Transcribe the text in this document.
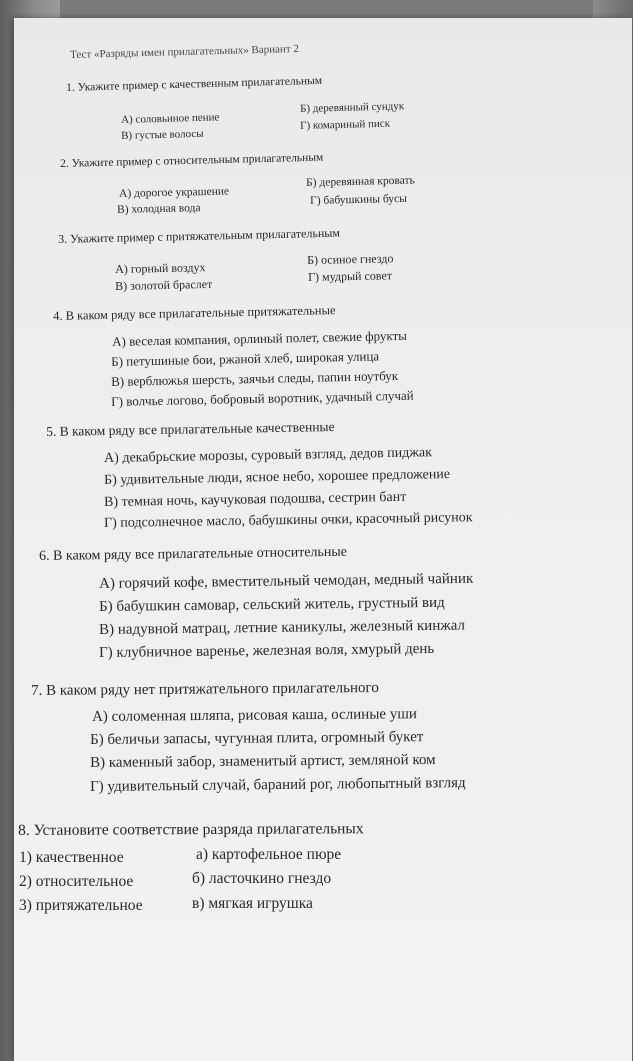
Тест «Разряды имен прилагательных» Вариант 2
1. Укажите пример с качественным прилагательным
А) соловьиное пение
Б) деревянный сундук
В) густые волосы
Г) комариный писк
2. Укажите пример с относительным прилагательным
А) дорогое украшение
Б) деревянная кровать
В) холодная вода
Г) бабушкины бусы
3. Укажите пример с притяжательным прилагательным
А) горный воздух
Б) осиное гнездо
В) золотой браслет
Г) мудрый совет
4. В каком ряду все прилагательные притяжательные
А) веселая компания, орлиный полет, свежие фрукты
Б) петушиные бои, ржаной хлеб, широкая улица
В) верблюжья шерсть, заячьи следы, папин ноутбук
Г) волчье логово, бобровый воротник, удачный случай
5. В каком ряду все прилагательные качественные
А) декабрьские морозы, суровый взгляд, дедов пиджак
Б) удивительные люди, ясное небо, хорошее предложение
В) темная ночь, каучуковая подошва, сестрин бант
Г) подсолнечное масло, бабушкины очки, красочный рисунок
6. В каком ряду все прилагательные относительные
А) горячий кофе, вместительный чемодан, медный чайник
Б) бабушкин самовар, сельский житель, грустный вид
В) надувной матрац, летние каникулы, железный кинжал
Г) клубничное варенье, железная воля, хмурый день
7. В каком ряду нет притяжательного прилагательного
А) соломенная шляпа, рисовая каша, ослиные уши
Б) беличьи запасы, чугунная плита, огромный букет
В) каменный забор, знаменитый артист, земляной ком
Г) удивительный случай, бараний рог, любопытный взгляд
8. Установите соответствие разряда прилагательных
1) качественное
2) относительное
3) притяжательное
а) картофельное пюре
б) ласточкино гнездо
в) мягкая игрушка
